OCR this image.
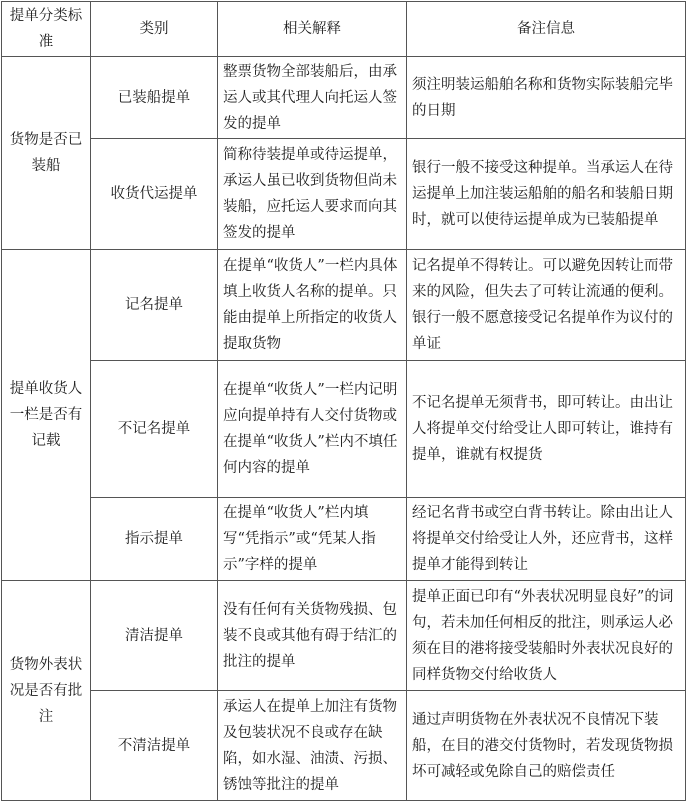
提单分类标准	类别	相关解释	备注信息
货物是否已装船	已装船提单	整票货物全部装船后，由承运人或其代理人向托运人签发的提单	须注明装运船舶名称和货物实际装船完毕的日期
	收货代运提单	简称待装提单或待运提单，承运人虽已收到货物但尚未装船，应托运人要求而向其签发的提单	银行一般不接受这种提单。当承运人在待运提单上加注装运船舶的船名和装船日期时，就可以使待运提单成为已装船提单
提单收货人一栏是否有记载	记名提单	在提单“收货人”一栏内具体填上收货人名称的提单。只能由提单上所指定的收货人提取货物	记名提单不得转让。可以避免因转让而带来的风险，但失去了可转让流通的便利。银行一般不愿意接受记名提单作为议付的单证
	不记名提单	在提单“收货人”一栏内记明应向提单持有人交付货物或在提单“收货人”栏内不填任何内容的提单	不记名提单无须背书，即可转让。由出让人将提单交付给受让人即可转让，谁持有提单，谁就有权提货
	指示提单	在提单“收货人”栏内填写“凭指示”或“凭某人指示”字样的提单	经记名背书或空白背书转让。除由出让人将提单交付给受让人外，还应背书，这样提单才能得到转让
货物外表状况是否有批注	清洁提单	没有任何有关货物残损、包装不良或其他有碍于结汇的批注的提单	提单正面已印有“外表状况明显良好”的词句，若未加任何相反的批注，则承运人必须在目的港将接受装船时外表状况良好的同样货物交付给收货人
	不清洁提单	承运人在提单上加注有货物及包装状况不良或存在缺陷，如水湿、油渍、污损、锈蚀等批注的提单	通过声明货物在外表状况不良情况下装船，在目的港交付货物时，若发现货物损坏可减轻或免除自己的赔偿责任
